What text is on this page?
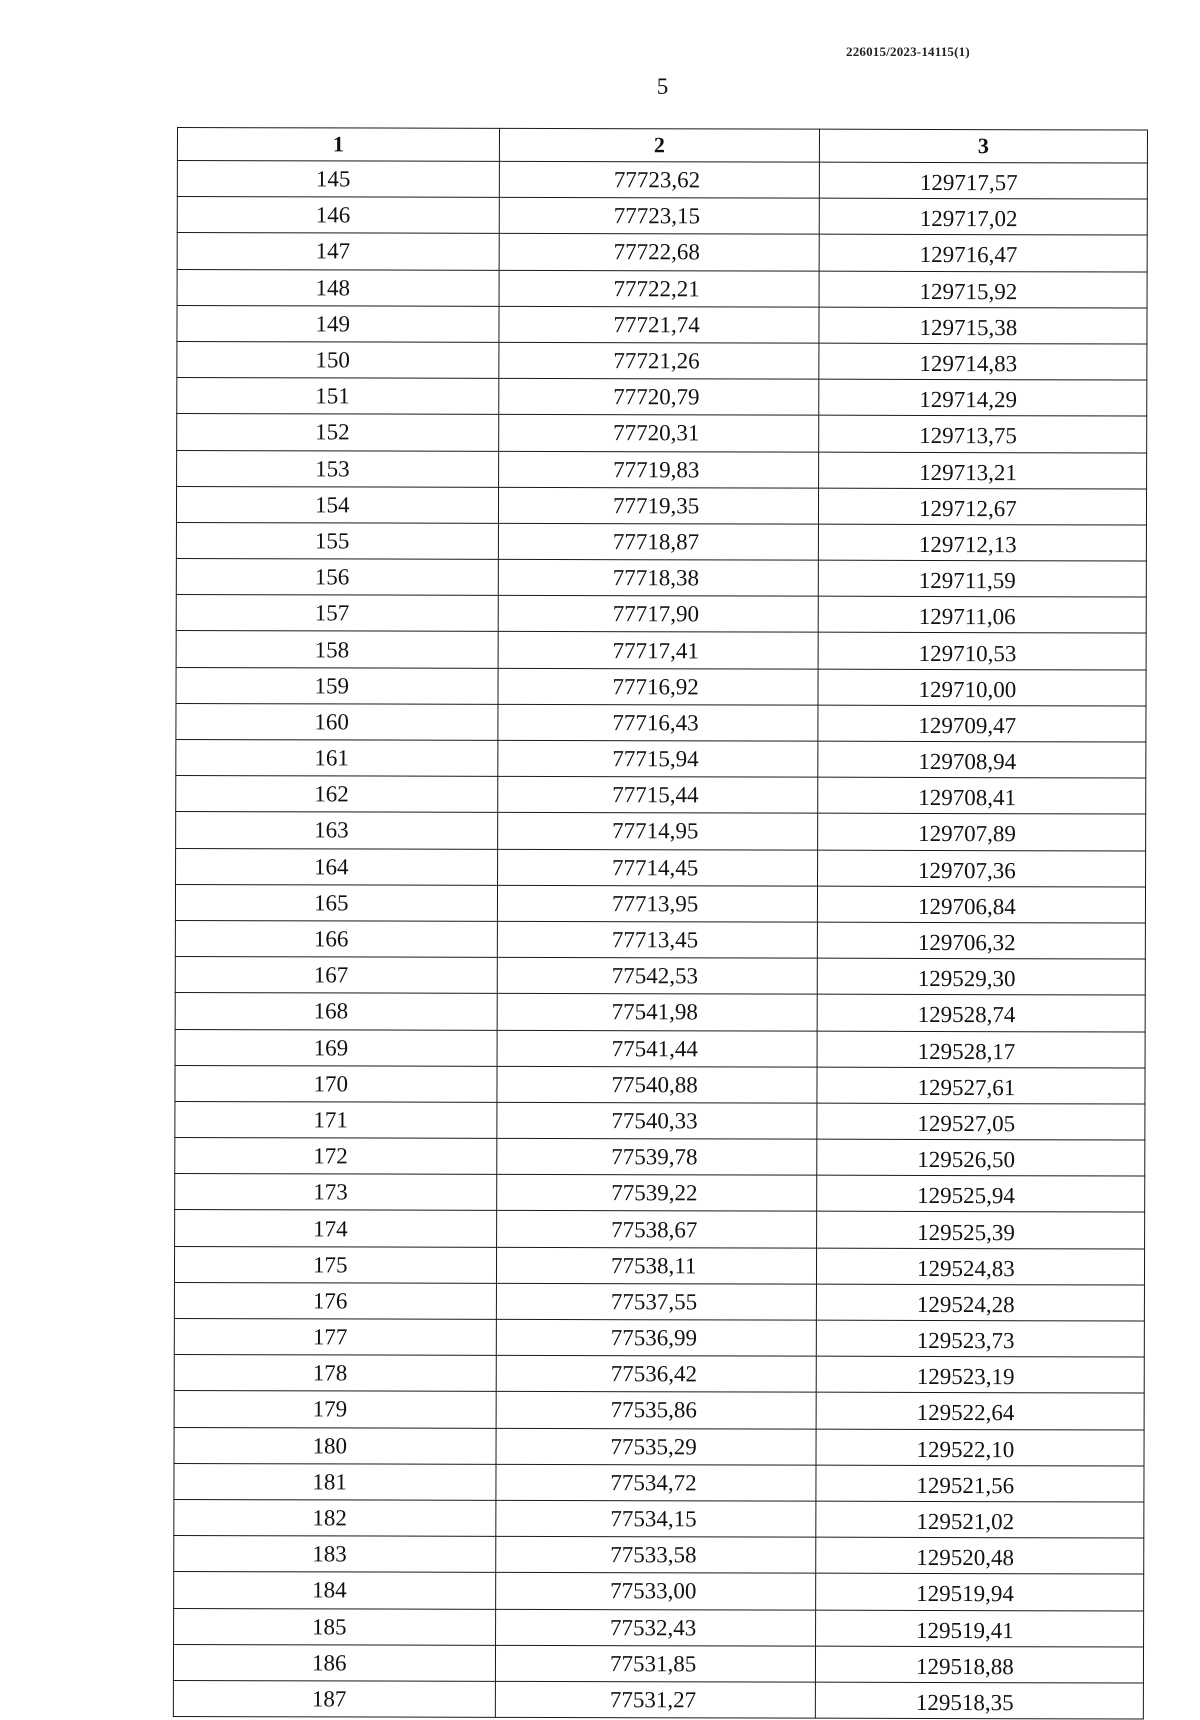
226015/2023-14115(1)
5
1	2	3
145	77723,62	129717,57
146	77723,15	129717,02
147	77722,68	129716,47
148	77722,21	129715,92
149	77721,74	129715,38
150	77721,26	129714,83
151	77720,79	129714,29
152	77720,31	129713,75
153	77719,83	129713,21
154	77719,35	129712,67
155	77718,87	129712,13
156	77718,38	129711,59
157	77717,90	129711,06
158	77717,41	129710,53
159	77716,92	129710,00
160	77716,43	129709,47
161	77715,94	129708,94
162	77715,44	129708,41
163	77714,95	129707,89
164	77714,45	129707,36
165	77713,95	129706,84
166	77713,45	129706,32
167	77542,53	129529,30
168	77541,98	129528,74
169	77541,44	129528,17
170	77540,88	129527,61
171	77540,33	129527,05
172	77539,78	129526,50
173	77539,22	129525,94
174	77538,67	129525,39
175	77538,11	129524,83
176	77537,55	129524,28
177	77536,99	129523,73
178	77536,42	129523,19
179	77535,86	129522,64
180	77535,29	129522,10
181	77534,72	129521,56
182	77534,15	129521,02
183	77533,58	129520,48
184	77533,00	129519,94
185	77532,43	129519,41
186	77531,85	129518,88
187	77531,27	129518,35
